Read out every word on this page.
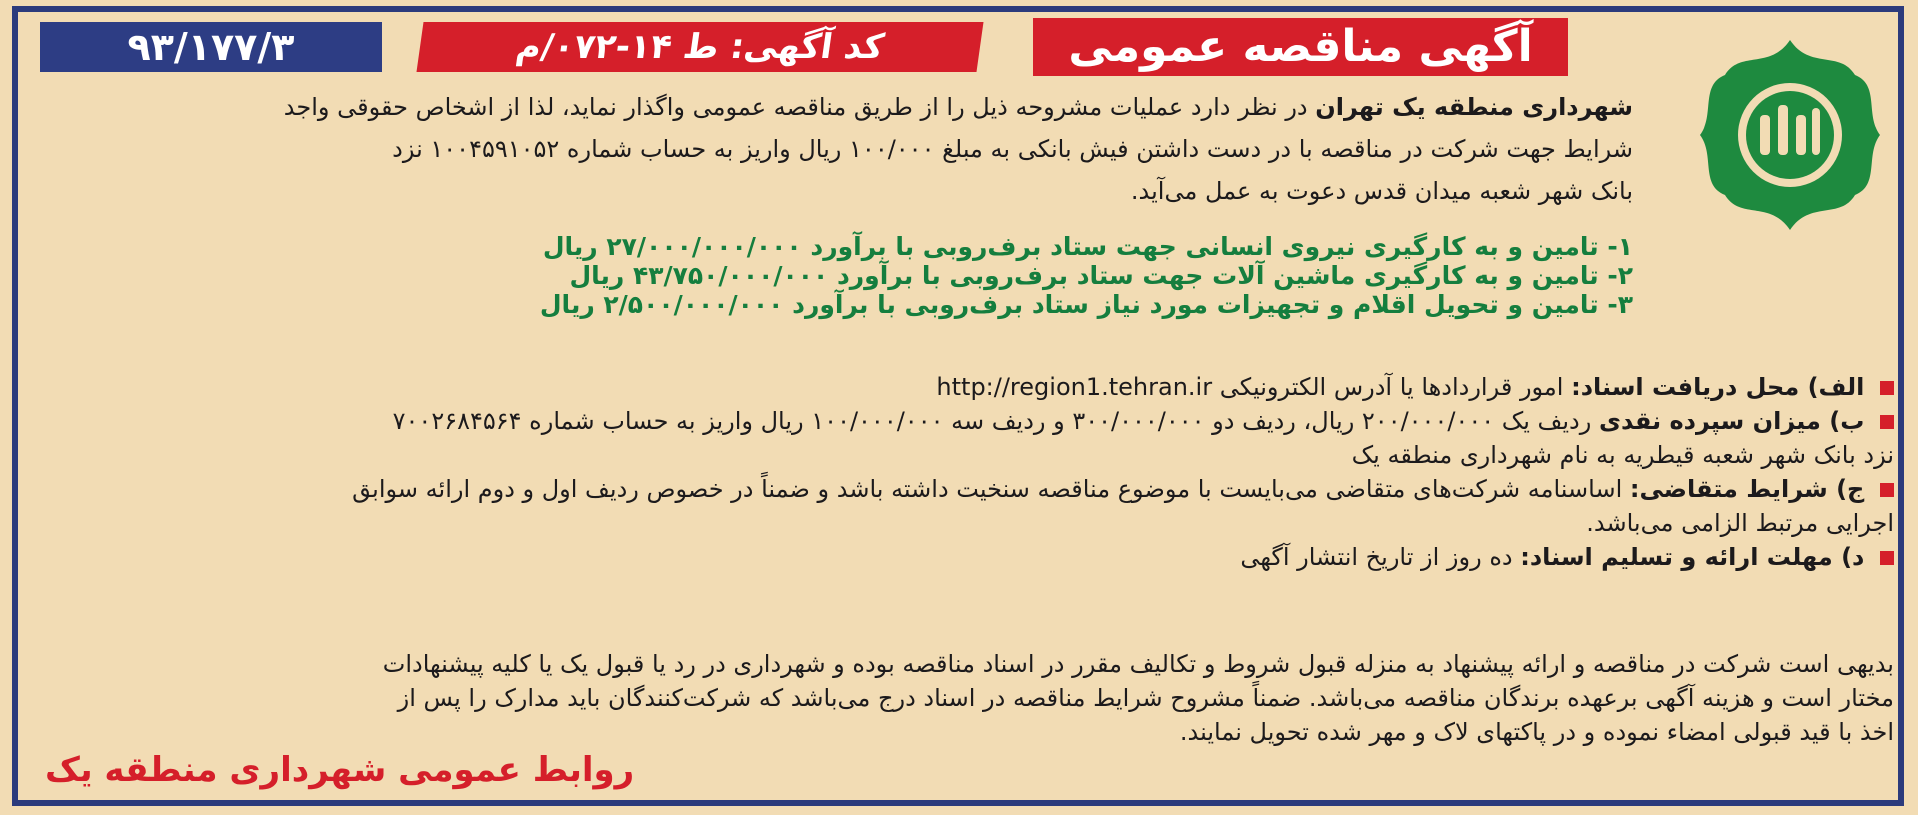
آگهی مناقصه عمومی
کد آگهی: ط ۱۴-۰۷۲/م
۹۳/۱۷۷/۳

شهرداری منطقه یک تهران در نظر دارد عملیات مشروحه ذیل را از طریق مناقصه عمومی واگذار نماید، لذا از اشخاص حقوقی واجد

شرایط جهت شرکت در مناقصه با در دست داشتن فیش بانکی به مبلغ ۱۰۰/۰۰۰ ریال واریز به حساب شماره ۱۰۰۴۵۹۱۰۵۲ نزد

بانک شهر شعبه میدان قدس دعوت به عمل می‌آید.

۱- تامین و به کارگیری نیروی انسانی جهت ستاد برف‌روبی با برآورد ۲۷/۰۰۰/۰۰۰/۰۰۰ ریال

۲- تامین و به کارگیری ماشین آلات جهت ستاد برف‌روبی با برآورد ۴۳/۷۵۰/۰۰۰/۰۰۰ ریال

۳- تامین و تحویل اقلام و تجهیزات مورد نیاز ستاد برف‌روبی با برآورد ۲/۵۰۰/۰۰۰/۰۰۰ ریال

الف) محل دریافت اسناد: امور قراردادها یا آدرس الکترونیکی http://region1.tehran.ir
ب) میزان سپرده نقدی ردیف یک ۲۰۰/۰۰۰/۰۰۰ ریال، ردیف دو ۳۰۰/۰۰۰/۰۰۰ و ردیف سه ۱۰۰/۰۰۰/۰۰۰ ریال واریز به حساب شماره ۷۰۰۲۶۸۴۵۶۴
نزد بانک شهر شعبه قیطریه به نام شهرداری منطقه یک
ج) شرایط متقاضی: اساسنامه شرکت‌های متقاضی می‌بایست با موضوع مناقصه سنخیت داشته باشد و ضمناً در خصوص ردیف اول و دوم ارائه سوابق
اجرایی مرتبط الزامی می‌باشد.
د) مهلت ارائه و تسلیم اسناد: ده روز از تاریخ انتشار آگهی
بدیهی است شرکت در مناقصه و ارائه پیشنهاد به منزله قبول شروط و تکالیف مقرر در اسناد مناقصه بوده و شهرداری در رد یا قبول یک یا کلیه پیشنهادات
مختار است و هزینه آگهی برعهده برندگان مناقصه می‌باشد. ضمناً مشروح شرایط مناقصه در اسناد درج می‌باشد که شرکت‌کنندگان باید مدارک را پس از
اخذ با قید قبولی امضاء نموده و در پاکتهای لاک و مهر شده تحویل نمایند.
روابط عمومی شهرداری منطقه یک
